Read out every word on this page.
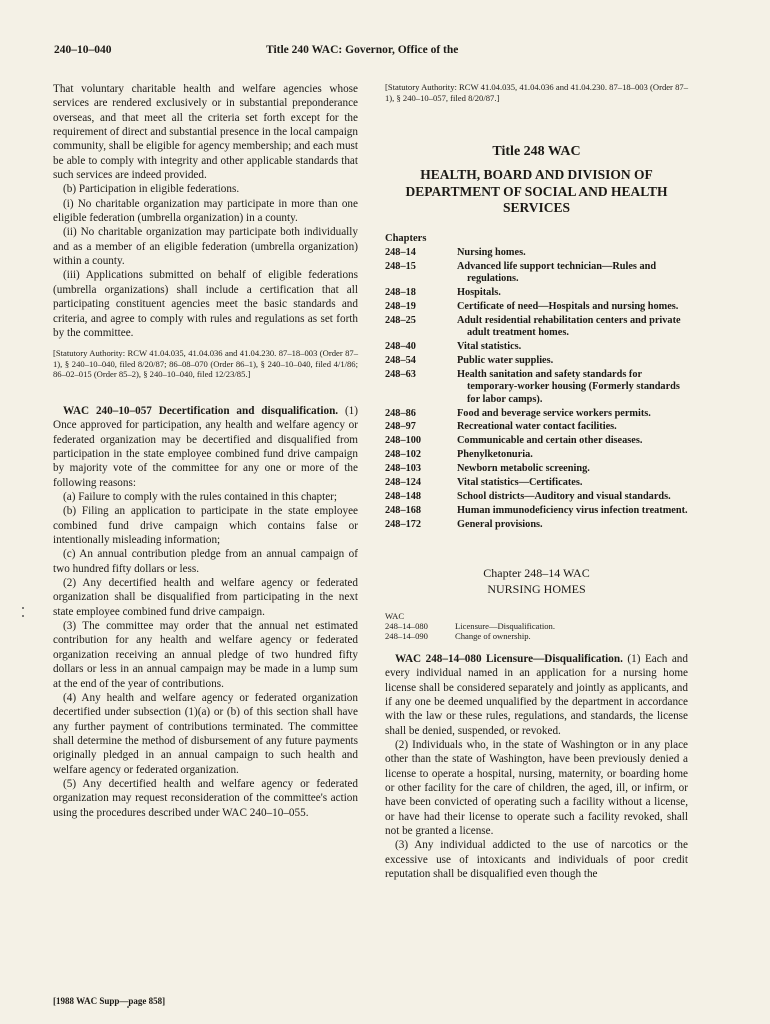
240–10–040	Title 240 WAC: Governor, Office of the

That voluntary charitable health and welfare agencies whose services are rendered exclusively or in substantial preponderance overseas, and that meet all the criteria set forth except for the requirement of direct and substantial presence in the local campaign community, shall be eligible for agency membership; and each must be able to comply with integrity and other applicable standards that such services are indeed provided.

(b) Participation in eligible federations.

(i) No charitable organization may participate in more than one eligible federation (umbrella organization) in a county.

(ii) No charitable organization may participate both individually and as a member of an eligible federation (umbrella organization) within a county.

(iii) Applications submitted on behalf of eligible federations (umbrella organizations) shall include a certification that all participating constituent agencies meet the basic standards and criteria, and agree to comply with rules and regulations as set forth by the committee.

[Statutory Authority: RCW 41.04.035, 41.04.036 and 41.04.230. 87–18–003 (Order 87–1), § 240–10–040, filed 8/20/87; 86–08–070 (Order 86–1), § 240–10–040, filed 4/1/86; 86–02–015 (Order 85–2), § 240–10–040, filed 12/23/85.]

WAC 240–10–057 Decertification and disqualification. (1) Once approved for participation, any health and welfare agency or federated organization may be decertified and disqualified from participation in the state employee combined fund drive campaign by majority vote of the committee for any one or more of the following reasons:

(a) Failure to comply with the rules contained in this chapter;

(b) Filing an application to participate in the state employee combined fund drive campaign which contains false or intentionally misleading information;

(c) An annual contribution pledge from an annual campaign of two hundred fifty dollars or less.

(2) Any decertified health and welfare agency or federated organization shall be disqualified from participating in the next state employee combined fund drive campaign.

(3) The committee may order that the annual net estimated contribution for any health and welfare agency or federated organization receiving an annual pledge of two hundred fifty dollars or less in an annual campaign may be made in a lump sum at the end of the year of contributions.

(4) Any health and welfare agency or federated organization decertified under subsection (1)(a) or (b) of this section shall have any further payment of contributions terminated. The committee shall determine the method of disbursement of any future payments originally pledged in an annual campaign to such health and welfare agency or federated organization.

(5) Any decertified health and welfare agency or federated organization may request reconsideration of the committee's action using the procedures described under WAC 240–10–055.

[Statutory Authority: RCW 41.04.035, 41.04.036 and 41.04.230. 87–18–003 (Order 87–1), § 240–10–057, filed 8/20/87.]

Title 248 WAC
HEALTH, BOARD AND DIVISION OF DEPARTMENT OF SOCIAL AND HEALTH SERVICES
Chapters
248–14	Nursing homes.

248–15	Advanced life support technician—Rules and regulations.

248–18	Hospitals.

248–19	Certificate of need—Hospitals and nursing homes.

248–25	Adult residential rehabilitation centers and private adult treatment homes.

248–40	Vital statistics.

248–54	Public water supplies.

248–63	Health sanitation and safety standards for temporary-worker housing (Formerly standards for labor camps).

248–86	Food and beverage service workers permits.

248–97	Recreational water contact facilities.

248–100	Communicable and certain other diseases.

248–102	Phenylketonuria.

248–103	Newborn metabolic screening.

248–124	Vital statistics—Certificates.

248–148	School districts—Auditory and visual standards.

248–168	Human immunodeficiency virus infection treatment.

248–172	General provisions.
Chapter 248–14 WAC
NURSING HOMES
WAC
248–14–080	Licensure—Disqualification.
248–14–090	Change of ownership.

WAC 248–14–080 Licensure—Disqualification. (1) Each and every individual named in an application for a nursing home license shall be considered separately and jointly as applicants, and if any one be deemed unqualified by the department in accordance with the law or these rules, regulations, and standards, the license shall be denied, suspended, or revoked.

(2) Individuals who, in the state of Washington or in any place other than the state of Washington, have been previously denied a license to operate a hospital, nursing, maternity, or boarding home or other facility for the care of children, the aged, ill, or infirm, or have been convicted of operating such a facility without a license, or have had their license to operate such a facility revoked, shall not be granted a license.

(3) Any individual addicted to the use of narcotics or the excessive use of intoxicants and individuals of poor credit reputation shall be disqualified even though the

[1988 WAC Supp—page 858]
